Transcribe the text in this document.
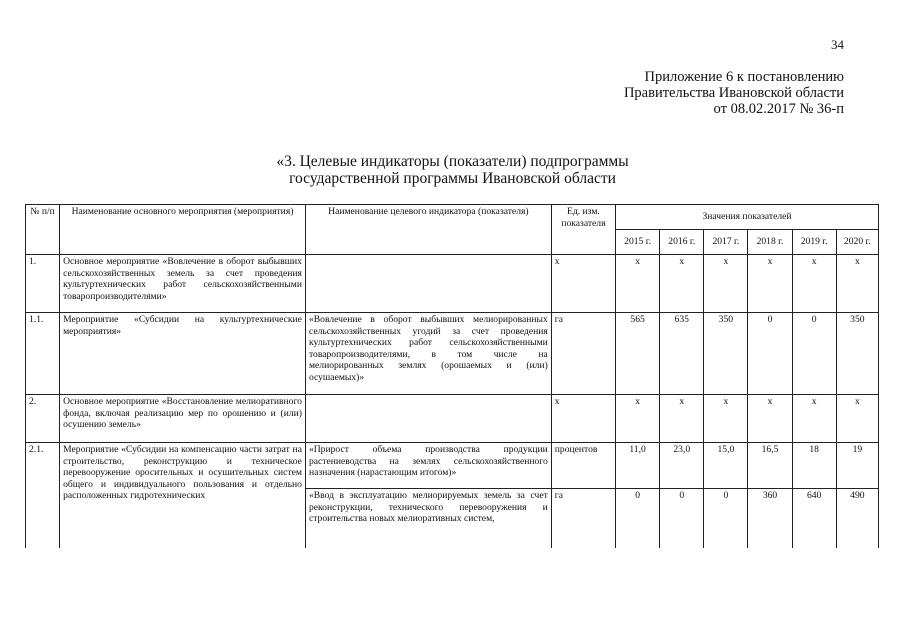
34
Приложение 6 к постановлению
Правительства Ивановской области
от 08.02.2017 № 36-п
«3. Целевые индикаторы (показатели) подпрограммы
государственной программы Ивановской области
№ п/п	Наименование основного мероприятия (мероприятия)	Наименование целевого индикатора (показателя)	Ед. изм. показателя	Значения показателей					
				2015 г.	2016 г.	2017 г.	2018 г.	2019 г.	2020 г.
1.	Основное мероприятие «Вовлечение в оборот выбывших сельскохозяйственных земель за счет проведения культуртехнических работ сельскохозяйственными товаропроизводителями»		х	х	х	х	х	х	х
1.1.	Мероприятие «Субсидии на культуртехнические мероприятия»	«Вовлечение в оборот выбывших мелиорированных сельскохозяйственных угодий за счет проведения культуртехнических работ сельскохозяйственными товаропроизводителями, в том числе на мелиорированных землях (орошаемых и (или) осушаемых)»	га	565	635	350	0	0	350
2.	Основное мероприятие «Восстановление мелиоративного фонда, включая реализацию мер по орошению и (или) осушению земель»		х	х	х	х	х	х	х
2.1.	Мероприятие «Субсидии на компенсацию части затрат на строительство, реконструкцию и техническое перевооружение оросительных и осушительных систем общего и индивидуального пользования и отдельно расположенных гидротехнических	«Прирост объема производства продукции растениеводства на землях сельскохозяйственного назначения (нарастающим итогом)»	процентов	11,0	23,0	15,0	16,5	18	19
		«Ввод в эксплуатацию мелиорируемых земель за счет реконструкции, технического перевооружения и строительства новых мелиоративных систем,	га	0	0	0	360	640	490
